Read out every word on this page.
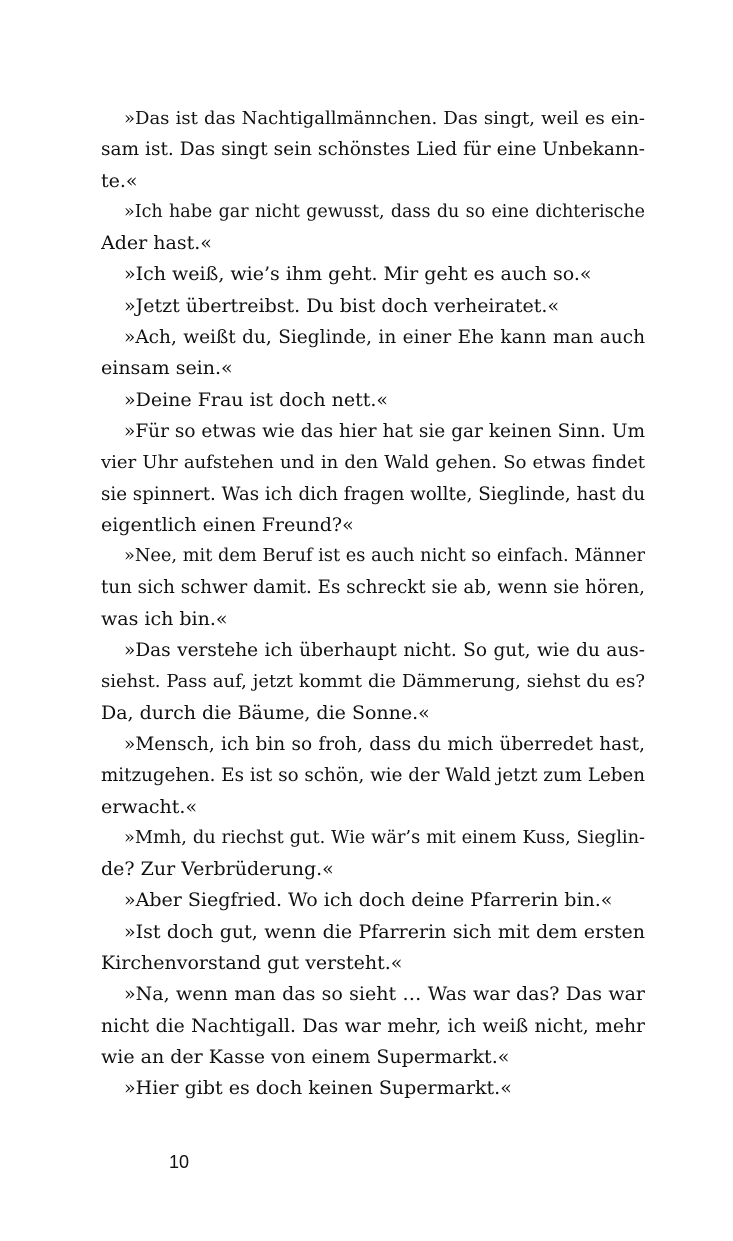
»Das ist das Nachtigallmännchen. Das singt, weil es ein-
sam ist. Das singt sein schönstes Lied für eine Unbekann-
te.«
»Ich habe gar nicht gewusst, dass du so eine dichterische
Ader hast.«
»Ich weiß, wie’s ihm geht. Mir geht es auch so.«
»Jetzt übertreibst. Du bist doch verheiratet.«
»Ach, weißt du, Sieglinde, in einer Ehe kann man auch
einsam sein.«
»Deine Frau ist doch nett.«
»Für so etwas wie das hier hat sie gar keinen Sinn. Um
vier Uhr aufstehen und in den Wald gehen. So etwas findet
sie spinnert. Was ich dich fragen wollte, Sieglinde, hast du
eigentlich einen Freund?«
»Nee, mit dem Beruf ist es auch nicht so einfach. Männer
tun sich schwer damit. Es schreckt sie ab, wenn sie hören,
was ich bin.«
»Das verstehe ich überhaupt nicht. So gut, wie du aus-
siehst. Pass auf, jetzt kommt die Dämmerung, siehst du es?
Da, durch die Bäume, die Sonne.«
»Mensch, ich bin so froh, dass du mich überredet hast,
mitzugehen. Es ist so schön, wie der Wald jetzt zum Leben
erwacht.«
»Mmh, du riechst gut. Wie wär’s mit einem Kuss, Sieglin-
de? Zur Verbrüderung.«
»Aber Siegfried. Wo ich doch deine Pfarrerin bin.«
»Ist doch gut, wenn die Pfarrerin sich mit dem ersten
Kirchenvorstand gut versteht.«
»Na, wenn man das so sieht … Was war das? Das war
nicht die Nachtigall. Das war mehr, ich weiß nicht, mehr
wie an der Kasse von einem Supermarkt.«
»Hier gibt es doch keinen Supermarkt.«
10
